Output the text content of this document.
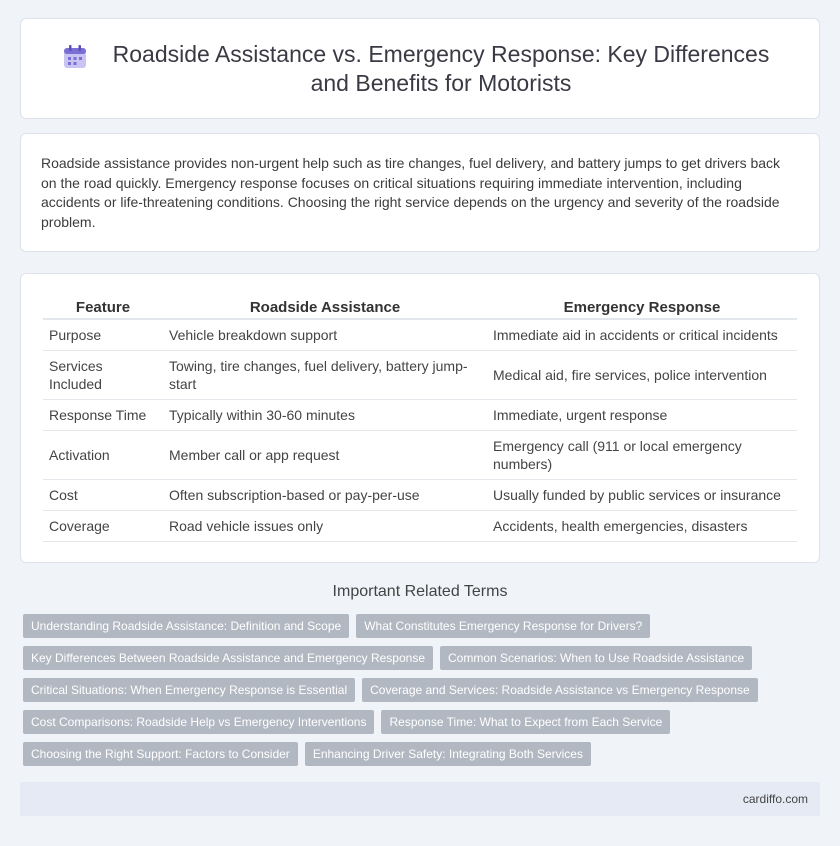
Roadside Assistance vs. Emergency Response: Key Differences and Benefits for Motorists

Roadside assistance provides non-urgent help such as tire changes, fuel delivery, and battery jumps to get drivers back on the road quickly. Emergency response focuses on critical situations requiring immediate intervention, including accidents or life-threatening conditions. Choosing the right service depends on the urgency and severity of the roadside problem.

Feature	Roadside Assistance	Emergency Response
Purpose	Vehicle breakdown support	Immediate aid in accidents or critical incidents
Services Included	Towing, tire changes, fuel delivery, battery jump-start	Medical aid, fire services, police intervention
Response Time	Typically within 30-60 minutes	Immediate, urgent response
Activation	Member call or app request	Emergency call (911 or local emergency numbers)
Cost	Often subscription-based or pay-per-use	Usually funded by public services or insurance
Coverage	Road vehicle issues only	Accidents, health emergencies, disasters
Important Related Terms
Understanding Roadside Assistance: Definition and Scope	What Constitutes Emergency Response for Drivers?
Key Differences Between Roadside Assistance and Emergency Response	Common Scenarios: When to Use Roadside Assistance
Critical Situations: When Emergency Response is Essential	Coverage and Services: Roadside Assistance vs Emergency Response
Cost Comparisons: Roadside Help vs Emergency Interventions	Response Time: What to Expect from Each Service
Choosing the Right Support: Factors to Consider	Enhancing Driver Safety: Integrating Both Services
cardiffo.com
